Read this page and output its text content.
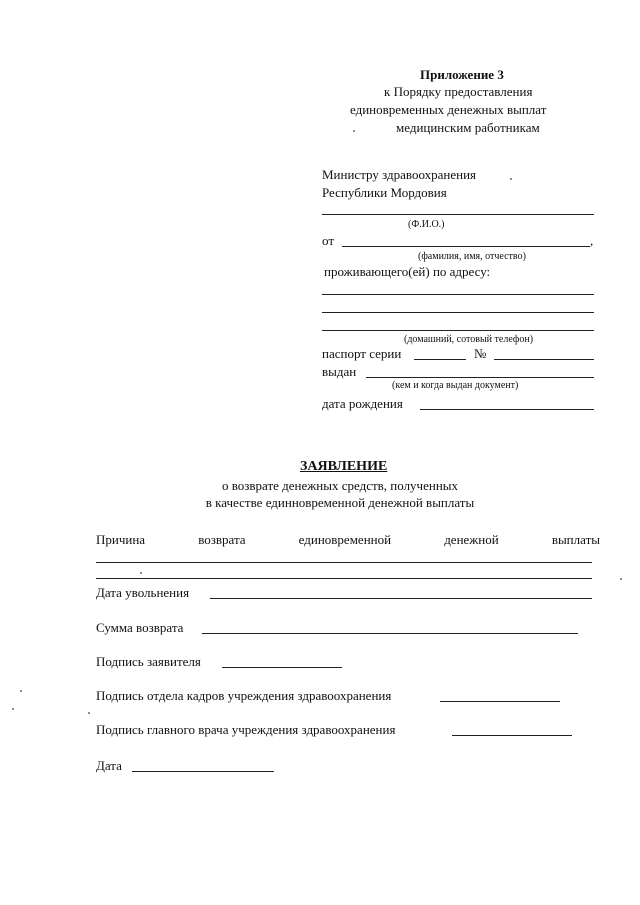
Приложение 3
к Порядку предоставления
единовременных денежных выплат
медицинским работникам
Министру здравоохранения
Республики Мордовия
(Ф.И.О.)
от	,
(фамилия, имя, отчество)
проживающего(ей) по адресу:
(домашний, сотовый телефон)
паспорт серии	№
выдан
(кем и когда выдан документ)
дата рождения
ЗАЯВЛЕНИЕ
о возврате денежных средств, полученных
в качестве единновременной денежной выплаты
Причина	возврата	единовременной	денежной	выплаты
Дата увольнения
Сумма возврата
Подпись заявителя
Подпись отдела кадров учреждения здравоохранения
Подпись главного врача учреждения здравоохранения
Дата
